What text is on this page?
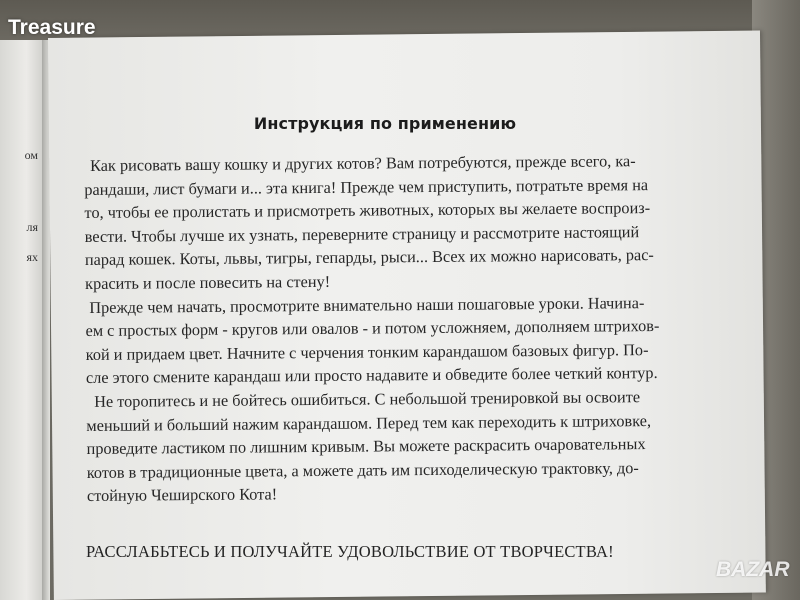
ом
ля
ях
Treasure
Инструкция по применению
Как рисовать вашу кошку и других котов? Вам потребуются, прежде всего, ка-
рандаши, лист бумаги и... эта книга! Прежде чем приступить, потратьте время на
то, чтобы ее пролистать и присмотреть животных, которых вы желаете воспроиз-
вести. Чтобы лучше их узнать, переверните страницу и рассмотрите настоящий
парад кошек. Коты, львы, тигры, гепарды, рыси... Всех их можно нарисовать, рас-
красить и после повесить на стену!
Прежде чем начать, просмотрите внимательно наши пошаговые уроки. Начина-
ем с простых форм - кругов или овалов - и потом усложняем, дополняем штрихов-
кой и придаем цвет. Начните с черчения тонким карандашом базовых фигур. По-
сле этого смените карандаш или просто надавите и обведите более четкий контур.
Не торопитесь и не бойтесь ошибиться. С небольшой тренировкой вы освоите
меньший и больший нажим карандашом. Перед тем как переходить к штриховке,
проведите ластиком по лишним кривым. Вы можете раскрасить очаровательных
котов в традиционные цвета, а можете дать им психоделическую трактовку, до-
стойную Чеширского Кота!
РАССЛАБЬТЕСЬ И ПОЛУЧАЙТЕ УДОВОЛЬСТВИЕ ОТ ТВОРЧЕСТВА!
BAZAR
